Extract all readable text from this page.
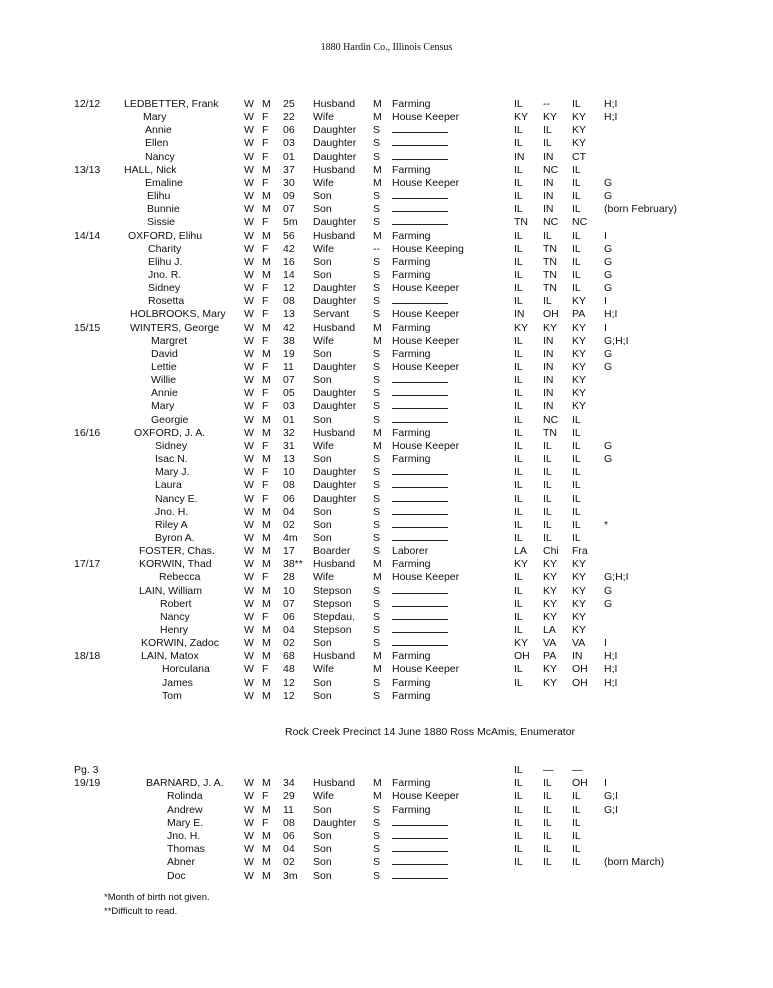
1880 Hardin Co., Illinois Census
12/12 LEDBETTER, Frank W M 25 Husband M Farming	IL -- IL H;I
Mary	W F 22 Wife	M House Keeper	KY KY KY H;I
Annie	W F 06 Daughter S	IL IL KY
Ellen	W F 03 Daughter S	IL IL KY
Nancy	W F 01 Daughter S	IN IN CT
13/13 HALL, Nick	W M 37 Husband M Farming	IL NC IL
Emaline	W F 30 Wife	M House Keeper	IL IN IL G
Elihu	W M 09 Son	S	IL IN IL G
Bunnie	W M 07 Son	S	IL IN IL (born February)
Sissie	W F 5m Daughter S	TN NC NC
14/14	OXFORD, Elihu	W M 56 Husband M Farming	IL IL IL I
Charity	W F 42 Wife	-- House Keeping	IL TN IL G
Elihu J.	W M 16 Son	S Farming	IL TN IL G
Jno. R.	W M 14 Son	S Farming	IL TN IL G
Sidney	W F 12 Daughter S House Keeper	IL TN IL G
Rosetta	W F 08 Daughter S	IL IL KY I
HOLBROOKS, Mary W F 13 Servant S House Keeper	IN OH PA H;I
15/15	WINTERS, George W M 42 Husband M Farming	KY KY KY I
Margret	W F 38 Wife	M House Keeper	IL IN KY G;H;I
David	W M 19 Son	S Farming	IL IN KY G
Lettie	W F 11 Daughter S House Keeper	IL IN KY G
Willie	W M 07 Son	S	IL IN KY
Annie	W F 05 Daughter S	IL IN KY
Mary	W F 03 Daughter S	IL IN KY
Georgie	W M 01 Son	S	IL NC IL
16/16	OXFORD, J. A.	W M 32 Husband M Farming	IL TN IL
Sidney	W F 31 Wife	M House Keeper	IL IL IL G
Isac N.	W M 13 Son	S Farming	IL IL IL G
Mary J.	W F 10 Daughter S	IL IL IL
Laura	W F 08 Daughter S	IL IL IL
Nancy E.	W F 06 Daughter S	IL IL IL
Jno. H.	W M 04 Son	S	IL IL IL
Riley A	W M 02 Son	S	IL IL IL *
Byron A.	W M 4m Son	S	IL IL IL
FOSTER, Chas.	W M 17 Boarder S Laborer	LA Chi Fra
17/17	KORWIN, Thad	W M 38** Husband M Farming	KY KY KY
Rebecca	W F 28 Wife	M House Keeper	IL KY KY G;H;I
LAIN, William	W M 10 Stepson S	IL KY KY G
Robert	W M 07 Stepson S	IL KY KY G
Nancy	W F 06 Stepdau. S	IL KY KY
Henry	W M 04 Stepson S	IL LA KY
KORWIN, Zadoc W M 02 Son	S	KY VA VA I
18/18	LAIN, Matox	W M 68 Husband M Farming	OH PA IN H;I
Horculana	W F 48 Wife	M House Keeper	IL KY OH H;I
James	W M 12 Son	S Farming	IL KY OH H;I
Tom	W M 12 Son	S Farming
Pg. 3	IL — —
19/19	BARNARD, J. A. W M 34 Husband M Farming	IL IL OH I
Rolinda	W F 29 Wife	M House Keeper	IL IL IL G;I
Andrew	W M 11 Son	S Farming	IL IL IL G;I
Mary E.	W F 08 Daughter S	IL IL IL
Jno. H.	W M 06 Son	S	IL IL IL
Thomas	W M 04 Son	S	IL IL IL
Abner	W M 02 Son	S	IL IL IL (born March)
Doc	W M 3m Son	S
Rock Creek Precinct 14 June 1880 Ross McAmis, Enumerator
*Month of birth not given.
**Difficult to read.
